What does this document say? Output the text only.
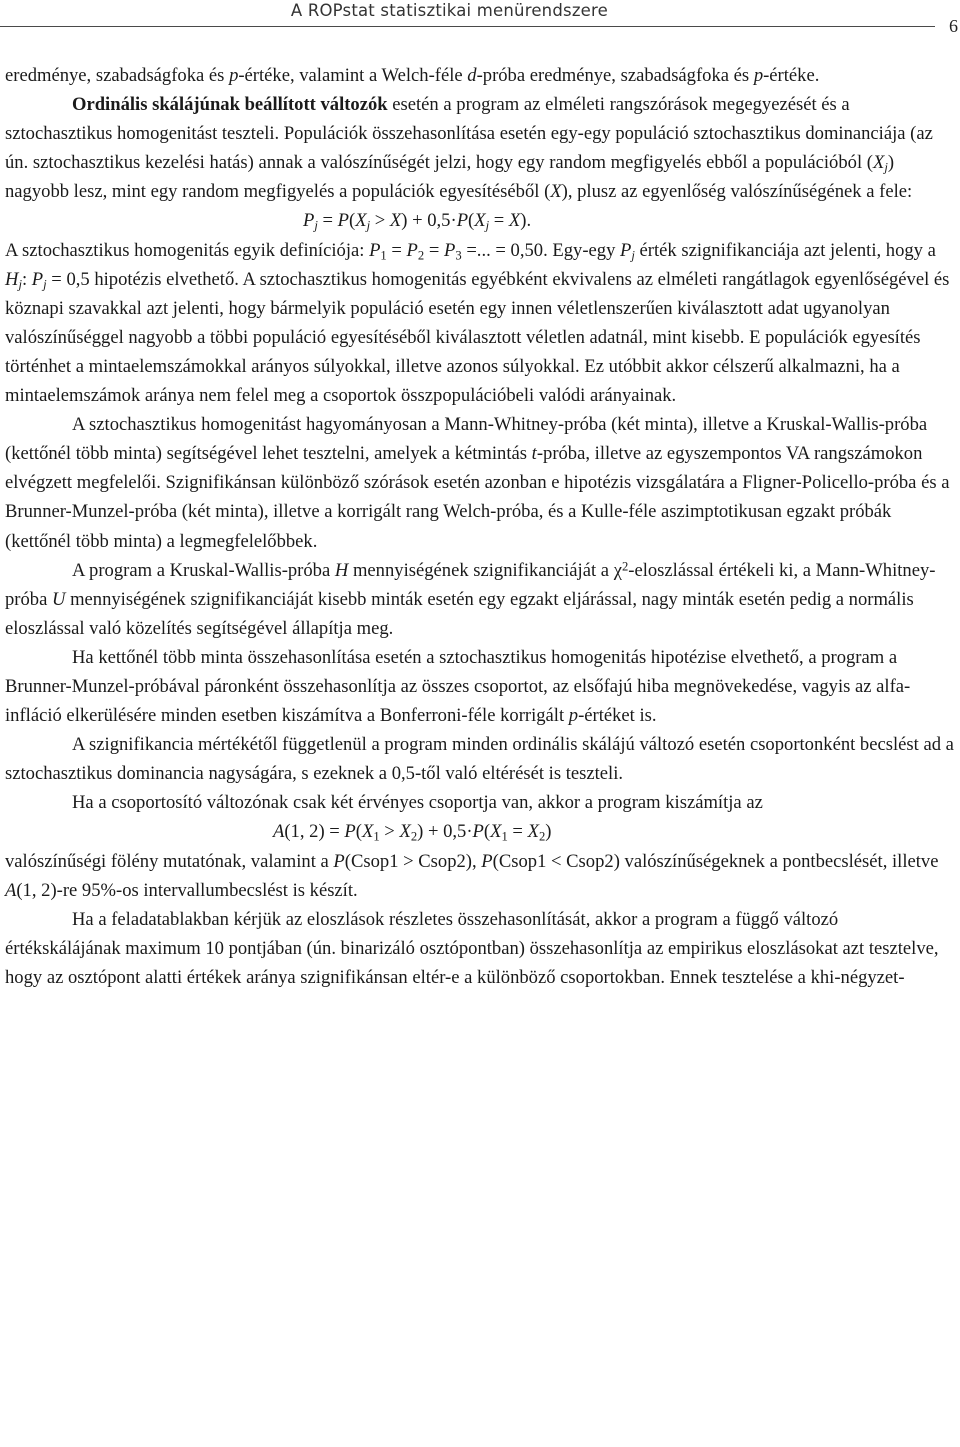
A ROPstat statisztikai menürendszere
6

eredménye, szabadságfoka és p-értéke, valamint a Welch-féle d-próba eredménye, szabadságfoka és p-értéke.

Ordinális skálájúnak beállított változók esetén a program az elméleti rangszórások megegyezését és a sztochasztikus homogenitást teszteli. Populációk összehasonlítása esetén egy-egy populáció sztochasztikus dominanciája (az ún. sztochasztikus kezelési hatás) annak a valószínűségét jelzi, hogy egy random megfigyelés ebből a populációból $(X_j)$ nagyobb lesz, mint egy random megfigyelés a populációk egyesítéséből (X), plusz az egyenlőség valószínűségének a fele:

$P_j = P(X_j > X) + 0,5\cdot P(X_j = X)$.

A sztochasztikus homogenitás egyik definíciója: $P_1 = P_2 = P_3$ =... = 0,50. Egy-egy $P_j$ érték szignifikanciája azt jelenti, hogy a $H_j$: $P_j = 0,5$ hipotézis elvethető. A sztochasztikus homogenitás egyébként ekvivalens az elméleti rangátlagok egyenlőségével és köznapi szavakkal azt jelenti, hogy bármelyik populáció esetén egy innen véletlenszerűen kiválasztott adat ugyanolyan valószínűséggel nagyobb a többi populáció egyesítéséből kiválasztott véletlen adatnál, mint kisebb. E populációk egyesítés történhet a mintaelemszámokkal arányos súlyokkal, illetve azonos súlyokkal. Ez utóbbit akkor célszerű alkalmazni, ha a mintaelemszámok aránya nem felel meg a csoportok összpopulációbeli valódi arányainak.

A sztochasztikus homogenitást hagyományosan a Mann-Whitney-próba (két minta), illetve a Kruskal-Wallis-próba (kettőnél több minta) segítségével lehet tesztelni, amelyek a kétmintás t-próba, illetve az egyszempontos VA rangszámokon elvégzett megfelelői. Szignifikánsan különböző szórások esetén azonban e hipotézis vizsgálatára a Fligner-Policello-próba és a Brunner-Munzel-próba (két minta), illetve a korrigált rang Welch-próba, és a Kulle-féle aszimptotikusan egzakt próbák (kettőnél több minta) a legmegfelelőbbek.

A program a Kruskal-Wallis-próba H mennyiségének szignifikanciáját a $\chi^2$-eloszlással értékeli ki, a Mann-Whitney-próba U mennyiségének szignifikanciáját kisebb minták esetén egy egzakt eljárással, nagy minták esetén pedig a normális eloszlással való közelítés segítségével állapítja meg.

Ha kettőnél több minta összehasonlítása esetén a sztochasztikus homogenitás hipotézise elvethető, a program a Brunner-Munzel-próbával páronként összehasonlítja az összes csoportot, az elsőfajú hiba megnövekedése, vagyis az alfa-infláció elkerülésére minden esetben kiszámítva a Bonferroni-féle korrigált p-értéket is.

A szignifikancia mértékétől függetlenül a program minden ordinális skálájú változó esetén csoportonként becslést ad a sztochasztikus dominancia nagyságára, s ezeknek a 0,5-től való eltérését is teszteli.

Ha a csoportosító változónak csak két érvényes csoportja van, akkor a program kiszámítja az

A(1, $2) = P(X_1 > X_2) + 0,5\cdot P(X_1 = X_2)$

valószínűségi fölény mutatónak, valamint a P(Csop1 > Csop2), P(Csop1 < Csop2) valószínűségeknek a pontbecslését, illetve A(1, 2)-re 95%-os intervallumbecslést is készít.

Ha a feladatablakban kérjük az eloszlások részletes összehasonlítását, akkor a program a függő változó értékskálájának maximum 10 pontjában (ún. binarizáló osztópontban) összehasonlítja az empirikus eloszlásokat azt tesztelve, hogy az osztópont alatti értékek aránya szignifikánsan eltér-e a különböző csoportokban. Ennek tesztelése a khi-négyzet-
